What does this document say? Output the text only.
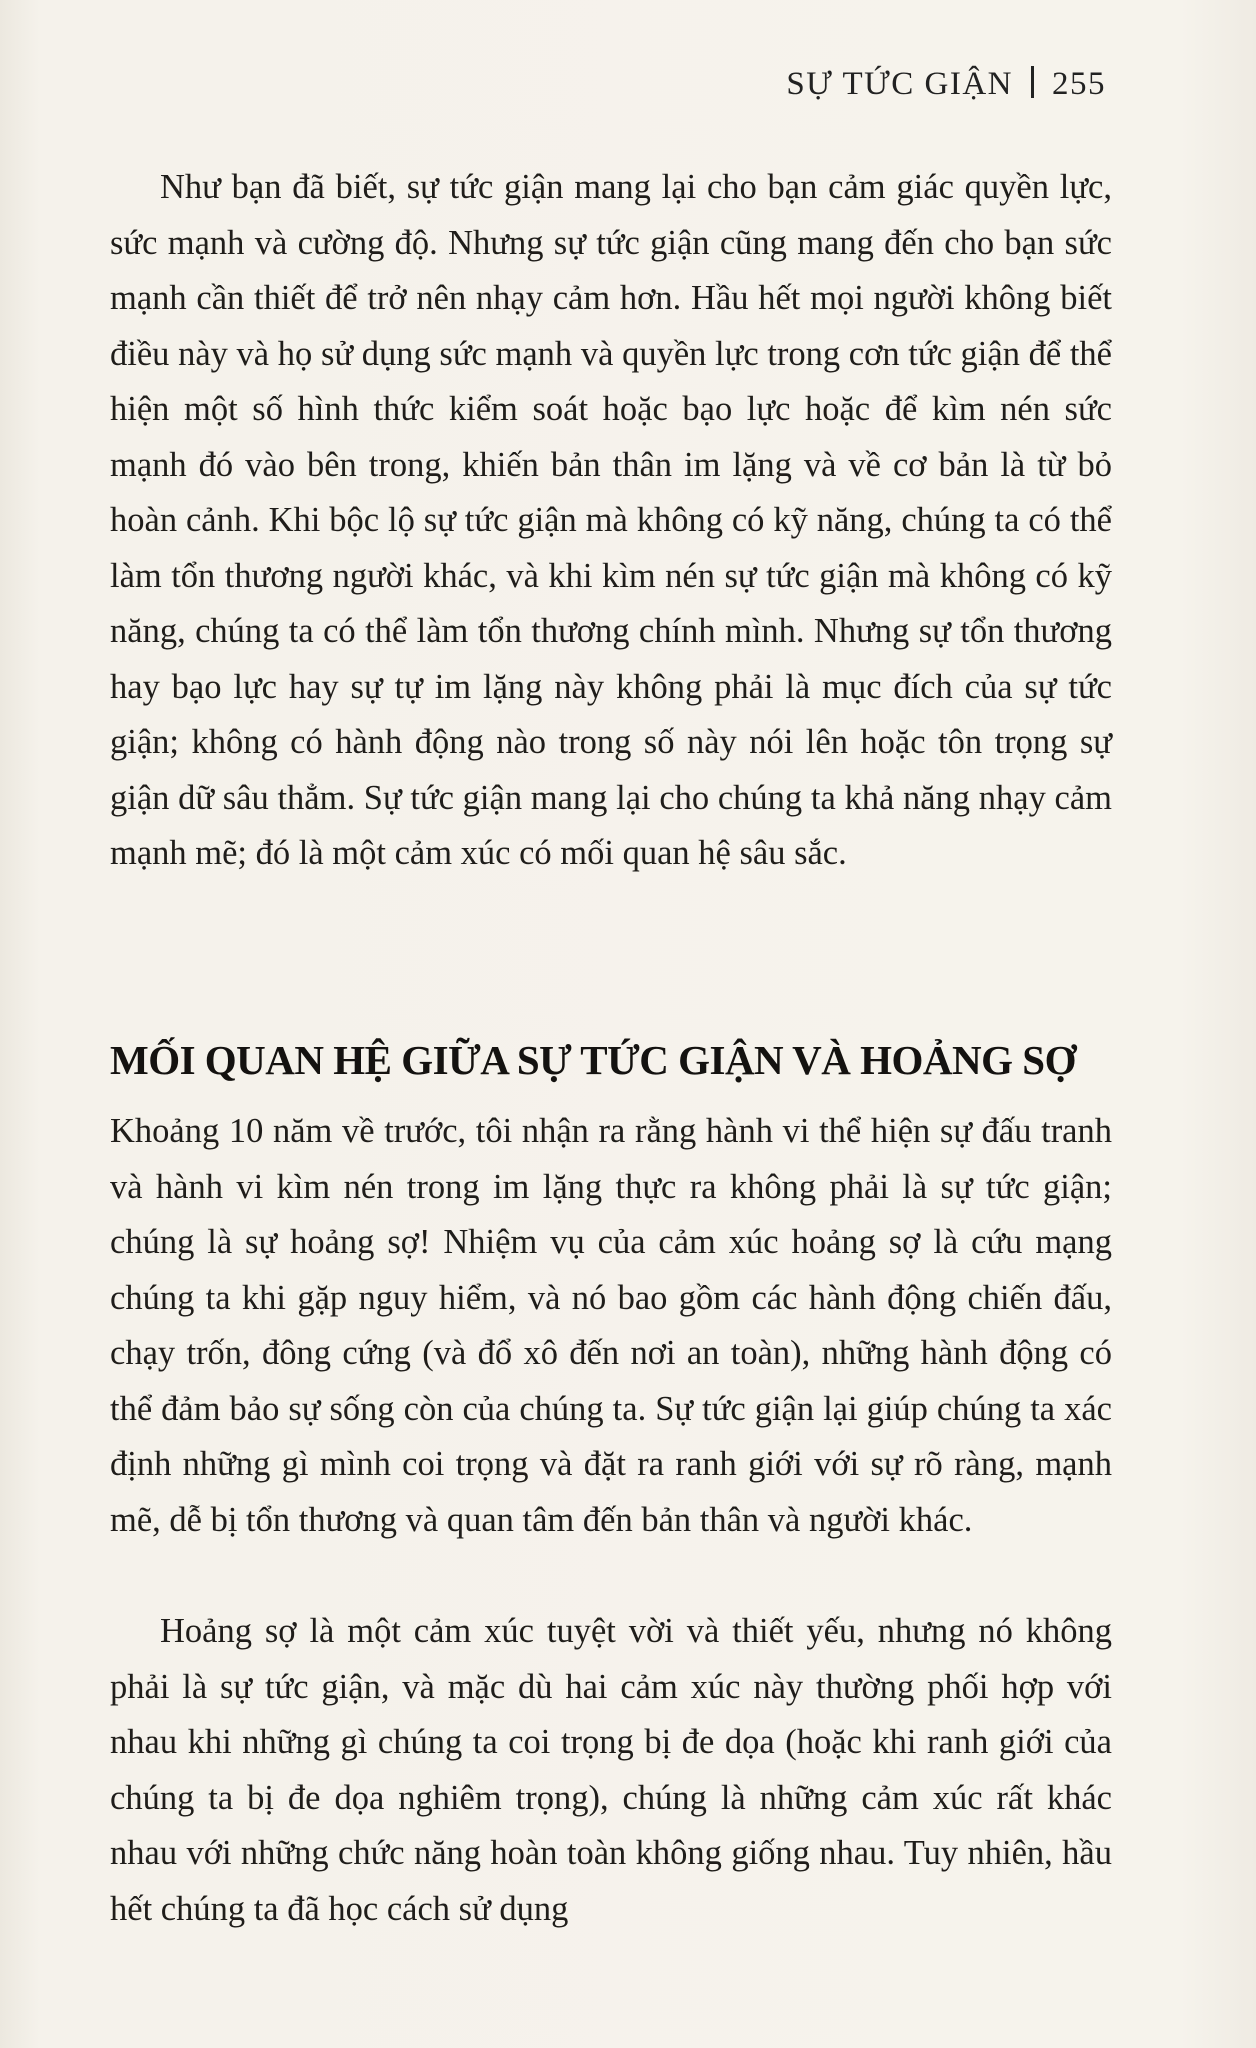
SỰ TỨC GIẬN 255

Như bạn đã biết, sự tức giận mang lại cho bạn cảm giác quyền lực, sức mạnh và cường độ. Nhưng sự tức giận cũng mang đến cho bạn sức mạnh cần thiết để trở nên nhạy cảm hơn. Hầu hết mọi người không biết điều này và họ sử dụng sức mạnh và quyền lực trong cơn tức giận để thể hiện một số hình thức kiểm soát hoặc bạo lực hoặc để kìm nén sức mạnh đó vào bên trong, khiến bản thân im lặng và về cơ bản là từ bỏ hoàn cảnh. Khi bộc lộ sự tức giận mà không có kỹ năng, chúng ta có thể làm tổn thương người khác, và khi kìm nén sự tức giận mà không có kỹ năng, chúng ta có thể làm tổn thương chính mình. Nhưng sự tổn thương hay bạo lực hay sự tự im lặng này không phải là mục đích của sự tức giận; không có hành động nào trong số này nói lên hoặc tôn trọng sự giận dữ sâu thẳm. Sự tức giận mang lại cho chúng ta khả năng nhạy cảm mạnh mẽ; đó là một cảm xúc có mối quan hệ sâu sắc.

MỐI QUAN HỆ GIỮA SỰ TỨC GIẬN VÀ HOẢNG SỢ

Khoảng 10 năm về trước, tôi nhận ra rằng hành vi thể hiện sự đấu tranh và hành vi kìm nén trong im lặng thực ra không phải là sự tức giận; chúng là sự hoảng sợ! Nhiệm vụ của cảm xúc hoảng sợ là cứu mạng chúng ta khi gặp nguy hiểm, và nó bao gồm các hành động chiến đấu, chạy trốn, đông cứng (và đổ xô đến nơi an toàn), những hành động có thể đảm bảo sự sống còn của chúng ta. Sự tức giận lại giúp chúng ta xác định những gì mình coi trọng và đặt ra ranh giới với sự rõ ràng, mạnh mẽ, dễ bị tổn thương và quan tâm đến bản thân và người khác.

Hoảng sợ là một cảm xúc tuyệt vời và thiết yếu, nhưng nó không phải là sự tức giận, và mặc dù hai cảm xúc này thường phối hợp với nhau khi những gì chúng ta coi trọng bị đe dọa (hoặc khi ranh giới của chúng ta bị đe dọa nghiêm trọng), chúng là những cảm xúc rất khác nhau với những chức năng hoàn toàn không giống nhau. Tuy nhiên, hầu hết chúng ta đã học cách sử dụng
